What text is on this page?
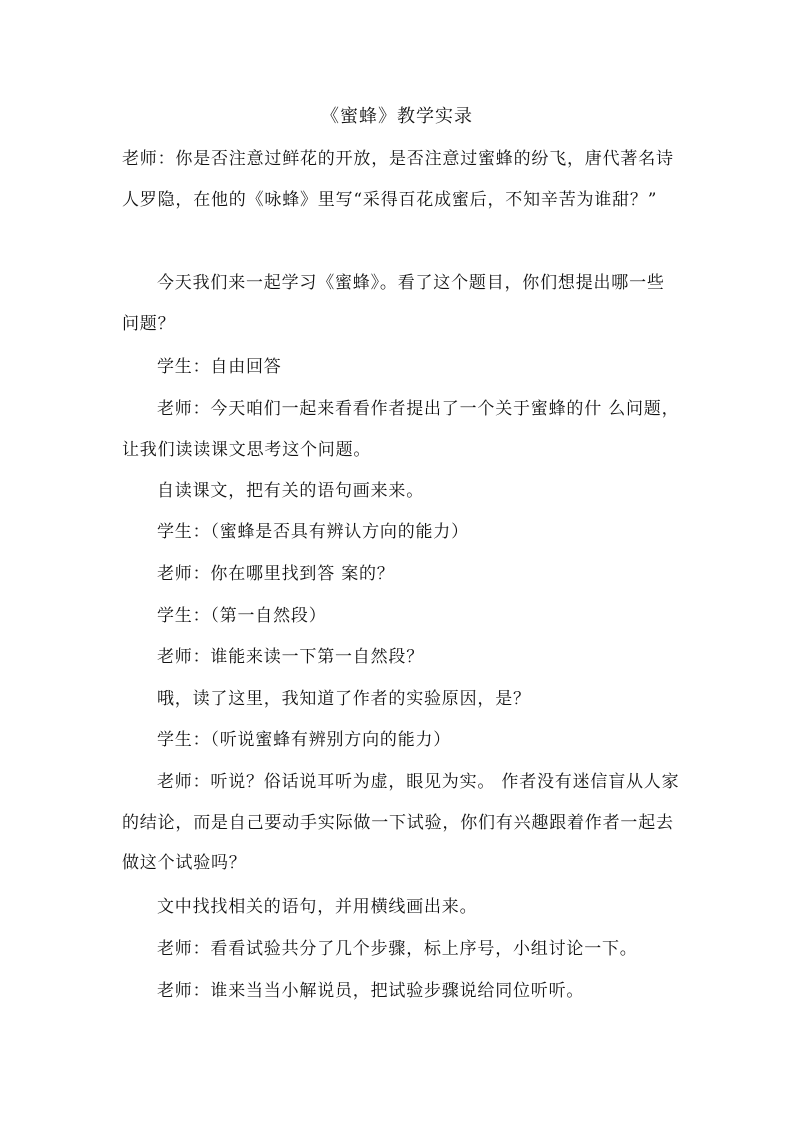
《蜜蜂》教学实录

老师：你是否注意过鲜花的开放，是否注意过蜜蜂的纷飞，唐代著名诗人罗隐，在他的《咏蜂》里写“采得百花成蜜后，不知辛苦为谁甜？”

今天我们来一起学习《蜜蜂》。看了这个题目，你们想提出哪一些问题？

学生：自由回答

老师：今天咱们一起来看看作者提出了一个关于蜜蜂的什 么问题，让我们读读课文思考这个问题。

自读课文，把有关的语句画来来。

学生：（蜜蜂是否具有辨认方向的能力）

老师：你在哪里找到答 案的？

学生：（第一自然段）

老师：谁能来读一下第一自然段？

哦，读了这里，我知道了作者的实验原因，是？

学生：（听说蜜蜂有辨别方向的能力）

老师：听说？俗话说耳听为虚，眼见为实。 作者没有迷信盲从人家的结论，而是自己要动手实际做一下试验，你们有兴趣跟着作者一起去做这个试验吗？

文中找找相关的语句，并用横线画出来。

老师：看看试验共分了几个步骤，标上序号，小组讨论一下。

老师：谁来当当小解说员，把试验步骤说给同位听听。
